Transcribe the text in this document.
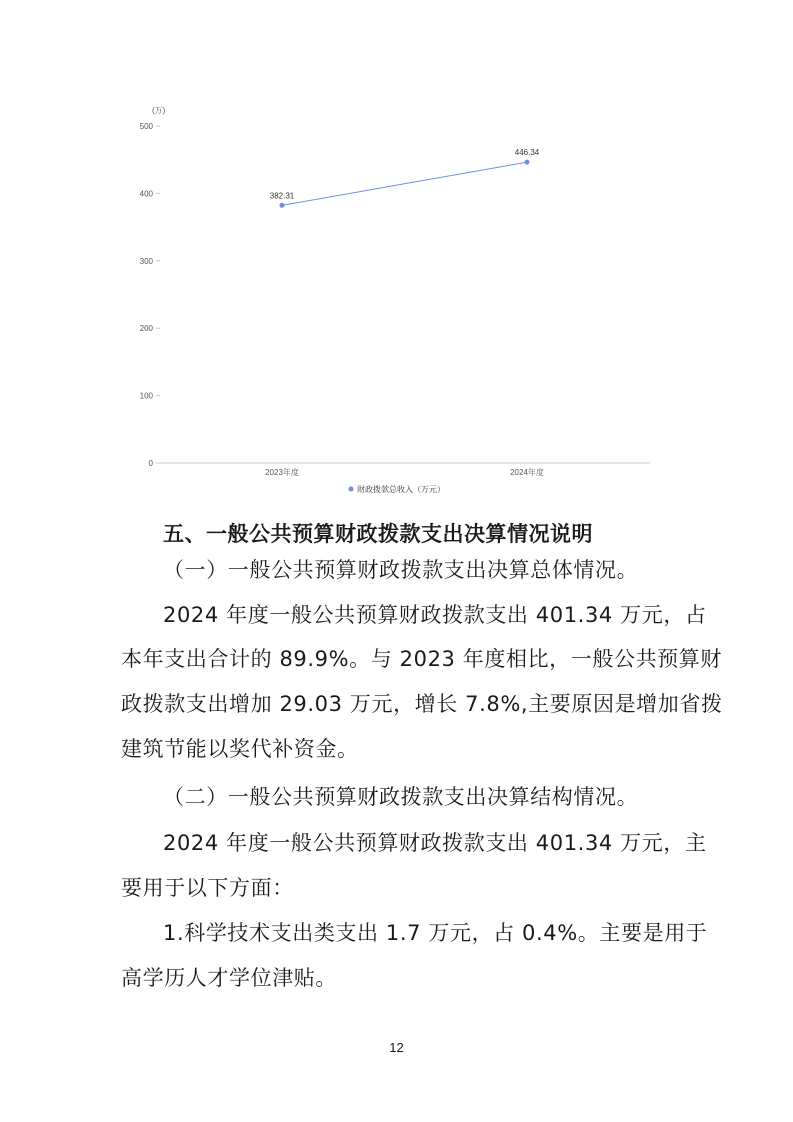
(万)
0
100
200
300
400
500
2023年度	2024年度
382.31
446.34
财政拨款总收入（万元）
五、一般公共预算财政拨款支出决算情况说明
（一）一般公共预算财政拨款支出决算总体情况。
2024 年度一般公共预算财政拨款支出 401.34 万元，占
本年支出合计的 89.9%。与 2023 年度相比，一般公共预算财
政拨款支出增加 29.03 万元，增长 7.8%,主要原因是增加省拨
建筑节能以奖代补资金。
（二）一般公共预算财政拨款支出决算结构情况。
2024 年度一般公共预算财政拨款支出 401.34 万元，主
要用于以下方面：
1.科学技术支出类支出 1.7 万元，占 0.4%。主要是用于
高学历人才学位津贴。
12
